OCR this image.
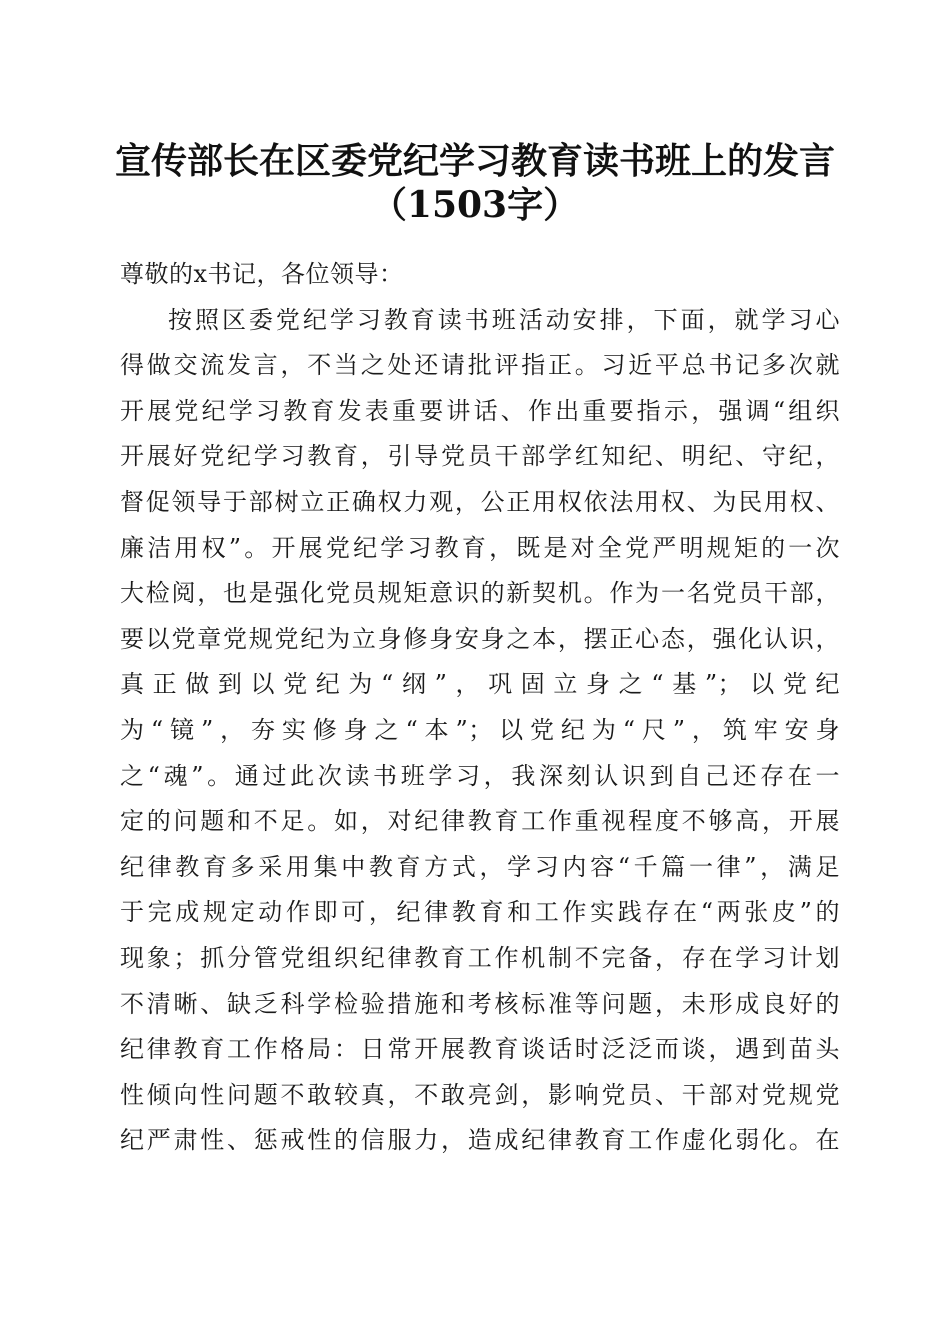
宣传部长在区委党纪学习教育读书班上的发言
（1503字）
尊敬的x书记，各位领导：
按照区委党纪学习教育读书班活动安排，下面，就学习心
得做交流发言，不当之处还请批评指正。习近平总书记多次就
开展党纪学习教育发表重要讲话、作出重要指示，强调“组织
开展好党纪学习教育，引导党员干部学红知纪、明纪、守纪，
督促领导于部树立正确权力观，公正用权依法用权、为民用权、
廉洁用权”。开展党纪学习教育，既是对全党严明规矩的一次
大检阅，也是强化党员规矩意识的新契机。作为一名党员干部，
要以党章党规党纪为立身修身安身之本，摆正心态，强化认识，
真正做到以党纪为“纲”，巩固立身之“基”；以党纪
为“镜”，夯实修身之“本”；以党纪为“尺”，筑牢安身
之“魂”。通过此次读书班学习，我深刻认识到自己还存在一
定的问题和不足。如，对纪律教育工作重视程度不够高，开展
纪律教育多采用集中教育方式，学习内容“千篇一律”，满足
于完成规定动作即可，纪律教育和工作实践存在“两张皮”的
现象；抓分管党组织纪律教育工作机制不完备，存在学习计划
不清晰、缺乏科学检验措施和考核标准等问题，未形成良好的
纪律教育工作格局：日常开展教育谈话时泛泛而谈，遇到苗头
性倾向性问题不敢较真，不敢亮剑，影响党员、干部对党规党
纪严肃性、惩戒性的信服力，造成纪律教育工作虚化弱化。在
